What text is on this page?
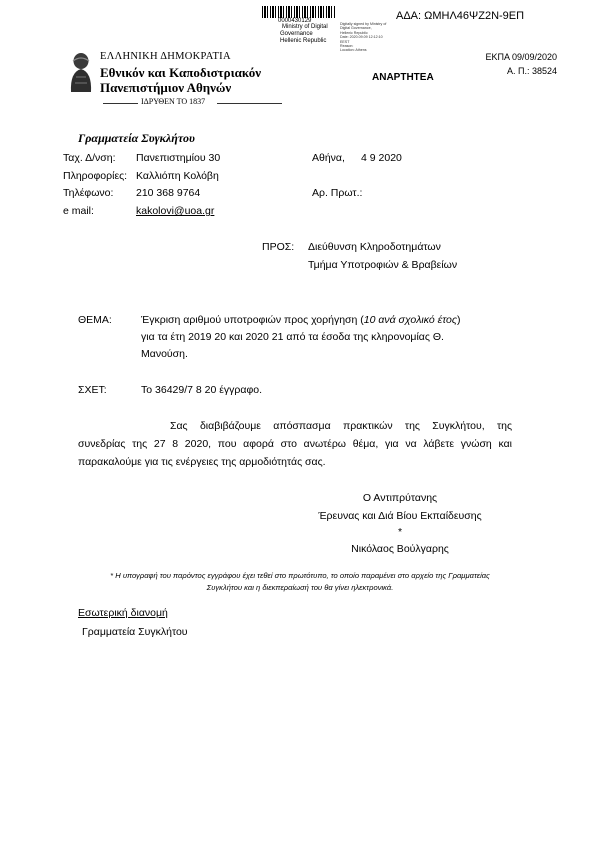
0000430129
Ministry of Digital
Governance
Hellenic Republic
Digitally signed by Ministry of
Digital Governance,
Hellenic Republic
Date: 2020.09.09 12:12:10
EEST
Reason:
Location: Athens
ΑΔΑ: ΩΜΗΛ46ΨΖ2Ν-9ΕΠ
ΕΚΠΑ 09/09/2020
Α. Π.: 38524
ΕΛΛΗΝΙΚΗ ΔΗΜΟΚΡΑΤΙΑ
Εθνικόν και Καποδιστριακόν
Πανεπιστήμιον Αθηνών
ΙΔΡΥΘΕΝ ΤΟ 1837
ΑΝΑΡΤΗΤΕΑ
Γραμματεία Συγκλήτου
Ταχ. Δ/νση: Πανεπιστημίου 30	Αθήνα, 4 9 2020
Πληροφορίες: Καλλιόπη Κολόβη
Τηλέφωνο: 210 368 9764	Αρ. Πρωτ.:
e mail:	kakolovi@uoa.gr
ΠΡΟΣ: Διεύθυνση Κληροδοτημάτων
Τμήμα Υποτροφιών & Βραβείων
ΘΕΜΑ:	Έγκριση αριθμού υποτροφιών προς χορήγηση (10 ανά σχολικό έτος)
για τα έτη 2019 20 και 2020 21 από τα έσοδα της κληρονομίας Θ.
Μανούση.
ΣΧΕΤ:	Το 36429/7 8 20 έγγραφο.
Σας διαβιβάζουμε απόσπασμα πρακτικών της Συγκλήτου, της
συνεδρίας της 27 8 2020, που αφορά στο ανωτέρω θέμα, για να λάβετε γνώση και
παρακαλούμε για τις ενέργειες της αρμοδιότητάς σας.
Ο Αντιπρύτανης
Έρευνας και Διά Βίου Εκπαίδευσης
*
Νικόλαος Βούλγαρης
* Η υπογραφή του παρόντος εγγράφου έχει τεθεί στο πρωτότυπο, το οποίο παραμένει στο αρχείο της Γραμματείας
Συγκλήτου και η διεκπεραίωσή του θα γίνει ηλεκτρονικά.
Εσωτερική διανομή
Γραμματεία Συγκλήτου
